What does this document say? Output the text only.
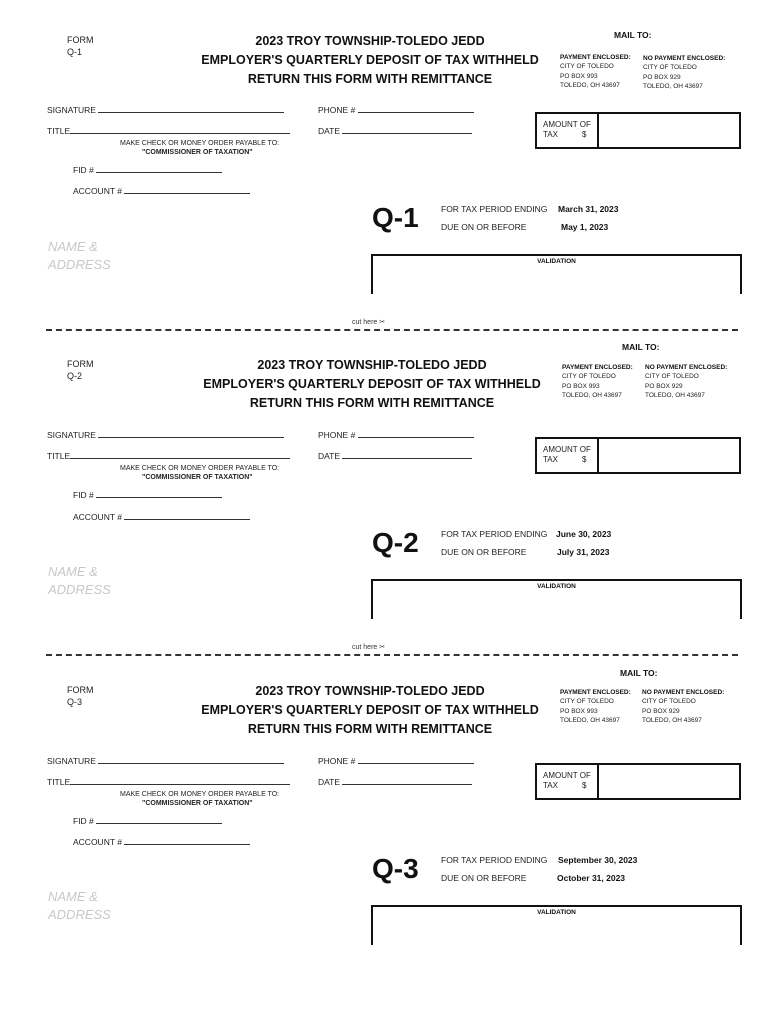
FORM
Q-1
2023 TROY TOWNSHIP-TOLEDO JEDD
EMPLOYER'S QUARTERLY DEPOSIT OF TAX WITHHELD
RETURN THIS FORM WITH REMITTANCE
MAIL TO:
PAYMENT ENCLOSED:
CITY OF TOLEDO
PO BOX 993
TOLEDO, OH 43697
NO PAYMENT ENCLOSED:
CITY OF TOLEDO
PO BOX 929
TOLEDO, OH 43697
SIGNATURE	PHONE #
TITLE	DATE
MAKE CHECK OR MONEY ORDER PAYABLE TO:
"COMMISSIONER OF TAXATION"
AMOUNT OF
TAX	$
FID #
ACCOUNT #
Q-1	FOR TAX PERIOD ENDING March 31, 2023
DUE ON OR BEFORE	May 1, 2023
NAME &
ADDRESS	VALIDATION
cut here ✂
MAIL TO:
FORM
Q-2
2023 TROY TOWNSHIP-TOLEDO JEDD
EMPLOYER'S QUARTERLY DEPOSIT OF TAX WITHHELD
RETURN THIS FORM WITH REMITTANCE
PAYMENT ENCLOSED:
CITY OF TOLEDO
PO BOX 993
TOLEDO, OH 43697
NO PAYMENT ENCLOSED:
CITY OF TOLEDO
PO BOX 929
TOLEDO, OH 43697
SIGNATURE	PHONE #
TITLE	DATE
MAKE CHECK OR MONEY ORDER PAYABLE TO:
"COMMISSIONER OF TAXATION"
AMOUNT OF
TAX	$
FID #
ACCOUNT #
Q-2	FOR TAX PERIOD ENDING June 30, 2023
DUE ON OR BEFORE	July 31, 2023
NAME &
ADDRESS	VALIDATION
cut here ✂
MAIL TO:
FORM
Q-3
2023 TROY TOWNSHIP-TOLEDO JEDD
EMPLOYER'S QUARTERLY DEPOSIT OF TAX WITHHELD
RETURN THIS FORM WITH REMITTANCE
PAYMENT ENCLOSED:
CITY OF TOLEDO
PO BOX 993
TOLEDO, OH 43697
NO PAYMENT ENCLOSED:
CITY OF TOLEDO
PO BOX 929
TOLEDO, OH 43697
SIGNATURE	PHONE #
TITLE	DATE
MAKE CHECK OR MONEY ORDER PAYABLE TO:
"COMMISSIONER OF TAXATION"
AMOUNT OF
TAX	$
FID #
ACCOUNT #
Q-3	FOR TAX PERIOD ENDING September 30, 2023
DUE ON OR BEFORE	October 31, 2023
NAME &
ADDRESS	VALIDATION
